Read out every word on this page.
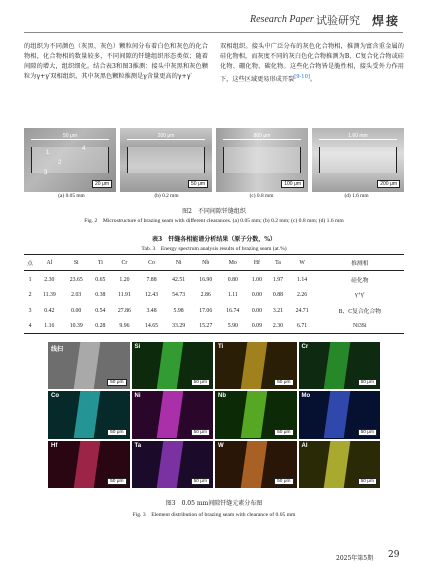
Research Paper 试验研究 焊接

的组织为不同颜色（灰黑、灰色）颗粒间分布着白色和灰色的化合物相，化合物相的数量较多，不同间隙的钎缝组织形态类似；随着间隙的增大，组织细化。结合表3和图3推测：接头中灰黑和灰色颗粒为γ+γ′双相组织，其中灰黑色颗粒推测是γ含量更高的γ+γ′

双相组织。接头中广泛分布的灰色化合物相，推测为富含重金属的硅化物相，而灰度不同的灰白色化合物推测为B、C复合化合物或硅化物、硼化物、碳化物。这些化合物皆是脆性相，接头受外力作用下，这些区域更易形成开裂[9-10]。

50 μm
1
2
3
4
20 μm
200 μm
50 μm
800 μm
100 μm
1.60 mm
200 μm
(a) 0.05 mm	(b) 0.2 mm	(c) 0.8 mm	(d) 1.6 mm
图2　不同间隙钎缝组织
Fig. 2　Microstructure of brazing seam with different clearances. (a) 0.05 mm; (b) 0.2 mm; (c) 0.8 mm; (d) 1.6 mm
表3　钎缝各相能谱分析结果（原子分数，%）
Tab. 3　Energy spectrum analysis results of brazing seam (at.%)
点	Al	Si	Ti	Cr	Co	Ni	Nb	Mo	Hf	Ta	W	推测相
1	2.30	23.65	0.65	1.20	7.88	42.51	16.90	0.80	1.00	1.97	1.14	硅化物
2	11.39	2.03	0.38	11.91	12.43	54.73	2.86	1.11	0.00	0.88	2.26	γ+γ′
3	0.42	0.00	0.54	27.86	3.48	5.98	17.06	16.74	0.00	3.21	24.71	B、C复合化合物
4	1.16	10.39	0.28	9.96	14.65	33.29	15.27	5.90	0.09	2.30	6.71	Ni3Si
线扫
50 μm
Si
50 μm
Ti
50 μm
Cr
50 μm
Co
50 μm
Ni
50 μm
Nb
50 μm
Mo
50 μm
Hf
50 μm
Ta
50 μm
W
50 μm
Al
50 μm
图3　0.05 mm间隙钎缝元素分布图
Fig. 3　Element distribution of brazing seam with clearance of 0.05 mm
2025年第5期 29
